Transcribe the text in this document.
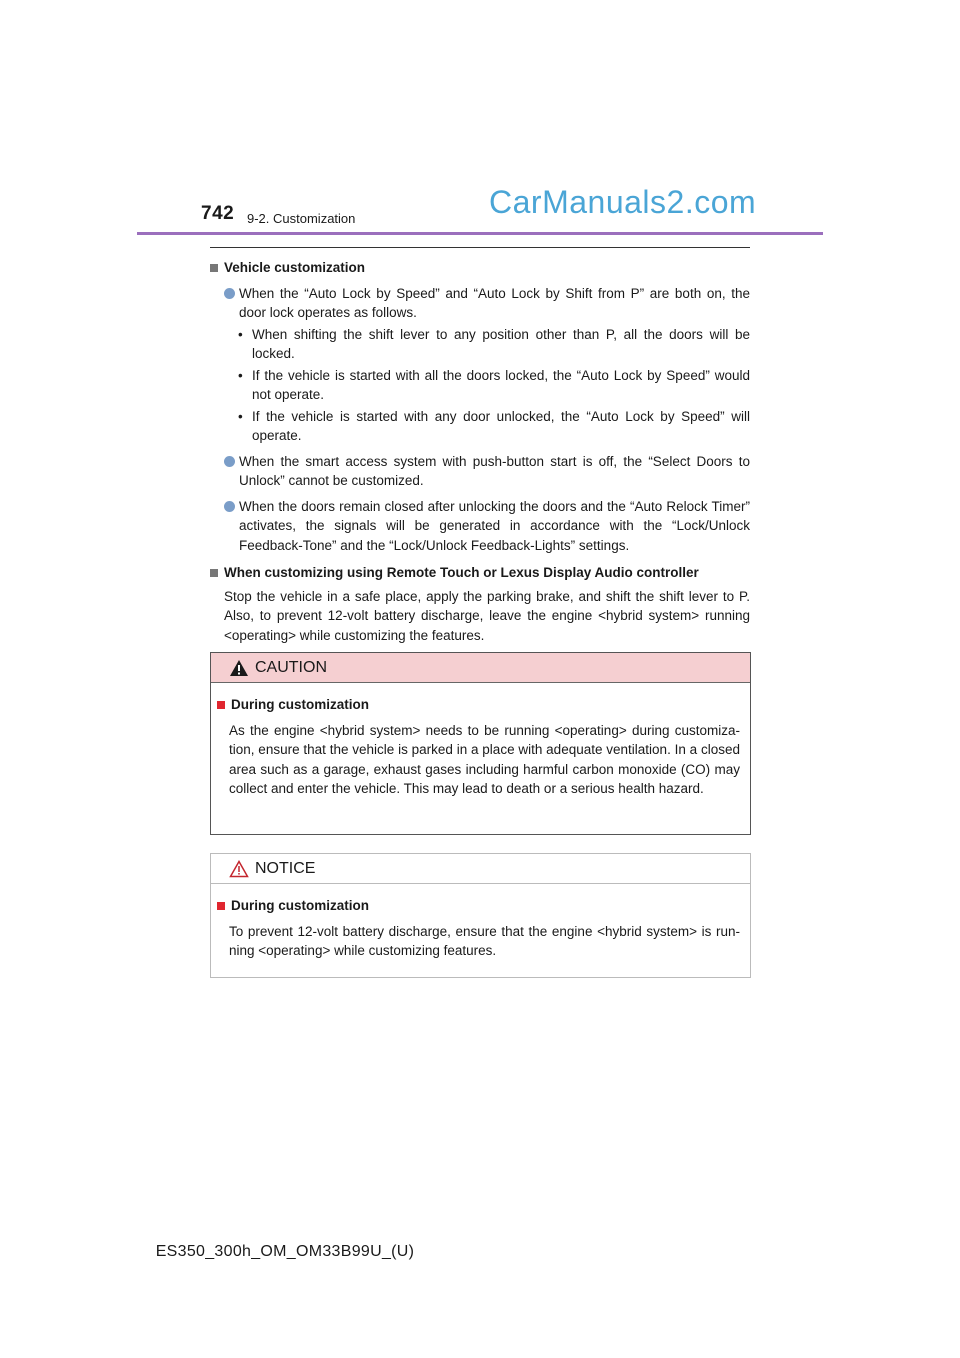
742 9-2. Customization	CarManuals2.com
Vehicle customization
When the “Auto Lock by Speed” and “Auto Lock by Shift from P” are both on, the door lock operates as follows.
• When shifting the shift lever to any position other than P, all the doors will be locked.
• If the vehicle is started with all the doors locked, the “Auto Lock by Speed” would not operate.
• If the vehicle is started with any door unlocked, the “Auto Lock by Speed” will operate.
When the smart access system with push-button start is off, the “Select Doors to Unlock” cannot be customized.
When the doors remain closed after unlocking the doors and the “Auto Relock Timer” activates, the signals will be generated in accordance with the “Lock/Unlock Feedback-Tone” and the “Lock/Unlock Feedback-Lights” settings.
When customizing using Remote Touch or Lexus Display Audio controller
Stop the vehicle in a safe place, apply the parking brake, and shift the shift lever to P. Also, to prevent 12-volt battery discharge, leave the engine <hybrid system> running <operating> while customizing the features.
CAUTION
During customization
As the engine <hybrid system> needs to be running <operating> during customiza-tion, ensure that the vehicle is parked in a place with adequate ventilation. In a closed area such as a garage, exhaust gases including harmful carbon monoxide (CO) may collect and enter the vehicle. This may lead to death or a serious health hazard.
NOTICE
During customization
To prevent 12-volt battery discharge, ensure that the engine <hybrid system> is run-ning <operating> while customizing features.
ES350_300h_OM_OM33B99U_(U)
